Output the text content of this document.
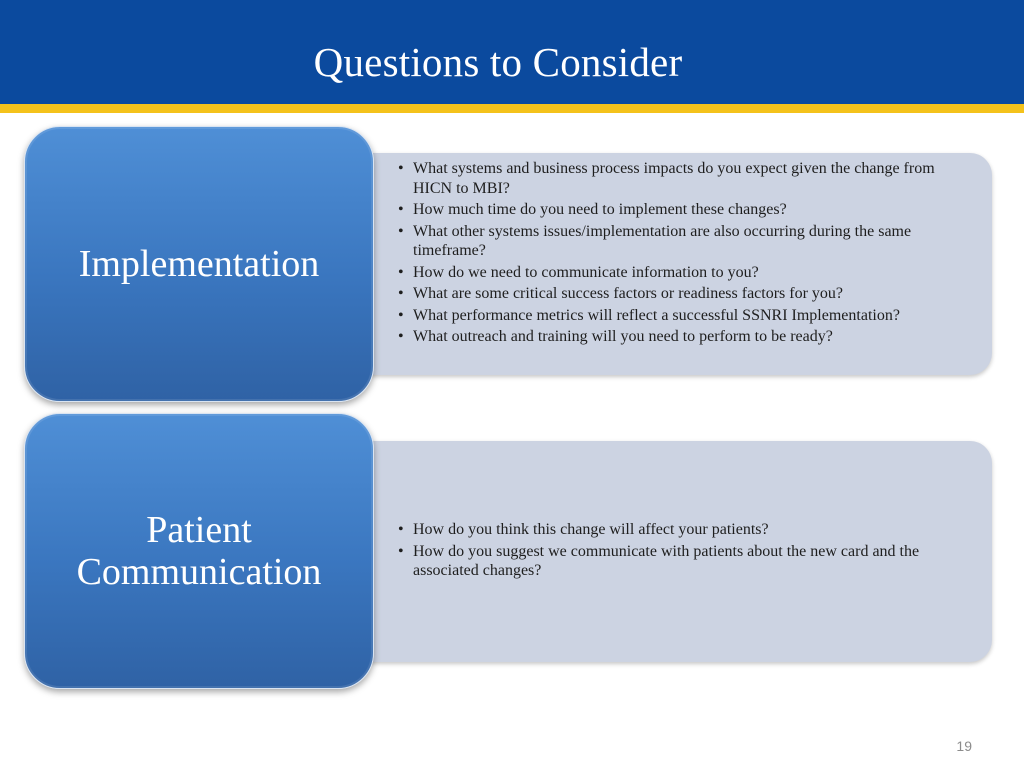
Questions to Consider
• What systems and business process impacts do you expect given the change from HICN to MBI?
• How much time do you need to implement these changes?
• What other systems issues/implementation are also occurring during the same timeframe?
• How do we need to communicate information to you?
• What are some critical success factors or readiness factors for you?
• What performance metrics will reflect a successful SSNRI Implementation?
• What outreach and training will you need to perform to be ready?
Implementation
• How do you think this change will affect your patients?
• How do you suggest we communicate with patients about the new card and the associated changes?
Patient
Communication
19
